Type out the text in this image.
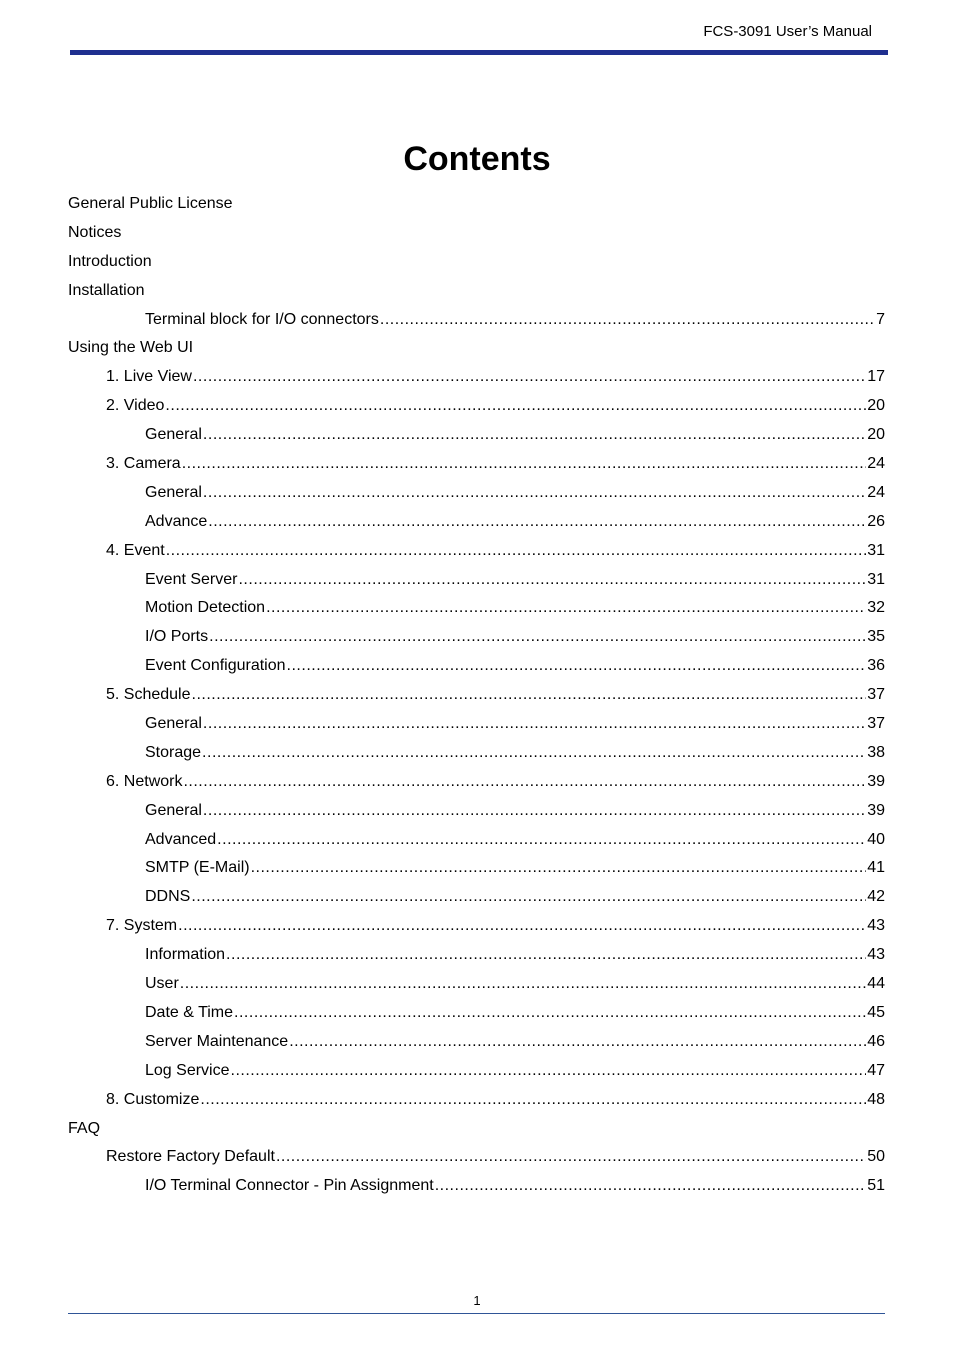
FCS-3091 User’s Manual
Contents
General Public License
Notices
Introduction
Installation
Terminal block for I/O connectors .....	7
Using the Web UI
1. Live View .....	17
2. Video .....	20
General .....	20
3. Camera .....	24
General .....	24
Advance .....	26
4. Event .....	31
Event Server .....	31
Motion Detection .....	32
I/O Ports .....	35
Event Configuration .....	36
5. Schedule .....	37
General .....	37
Storage .....	38
6. Network .....	39
General .....	39
Advanced .....	40
SMTP (E-Mail) .....	41
DDNS .....	42
7. System .....	43
Information .....	43
User .....	44
Date & Time .....	45
Server Maintenance .....	46
Log Service .....	47
8. Customize .....	48
FAQ
Restore Factory Default .....	50
I/O Terminal Connector - Pin Assignment .....	51
1
